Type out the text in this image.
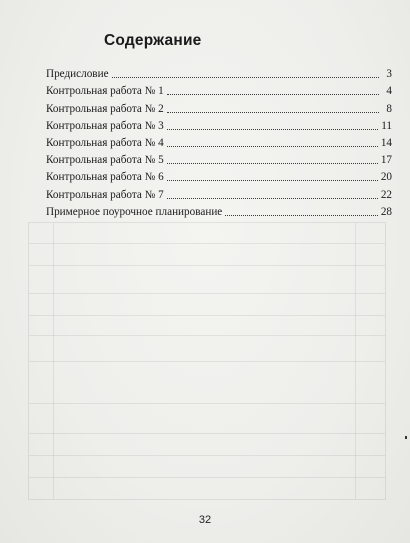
Содержание
Предисловие	3
Контрольная работа № 1	4
Контрольная работа № 2	8
Контрольная работа № 3	11
Контрольная работа № 4	14
Контрольная работа № 5	17
Контрольная работа № 6	20
Контрольная работа № 7	22
Примерное поурочное планирование	28
32
